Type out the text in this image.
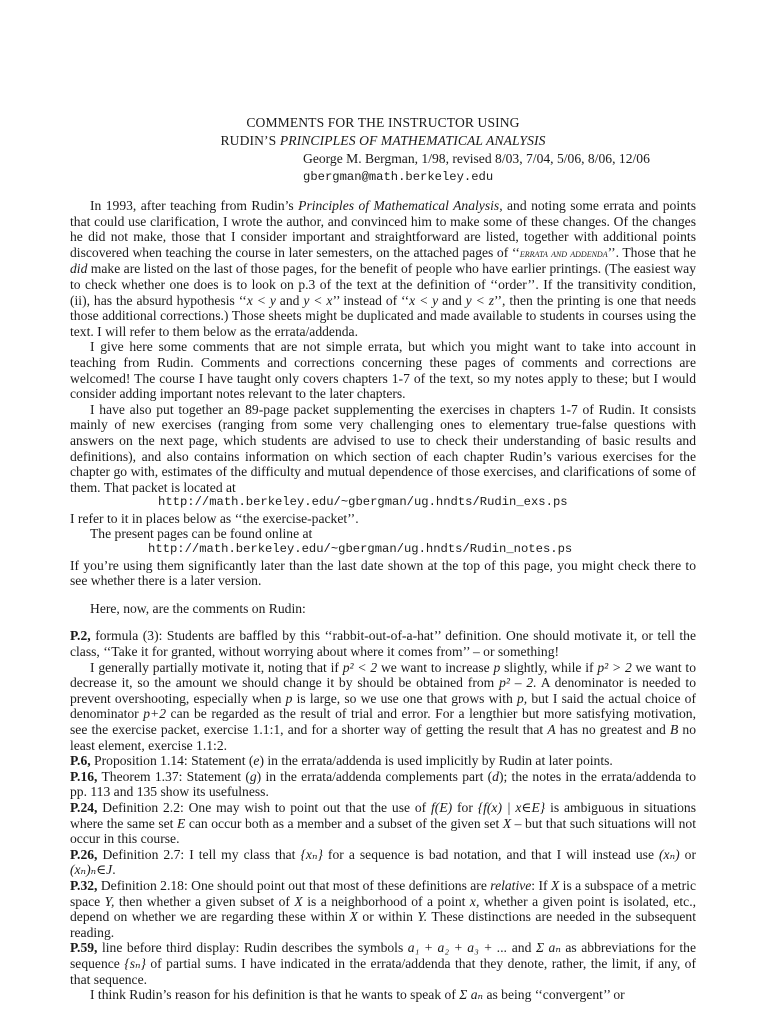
COMMENTS FOR THE INSTRUCTOR USING
RUDIN’S PRINCIPLES OF MATHEMATICAL ANALYSIS
George M. Bergman, 1/98, revised 8/03, 7/04, 5/06, 8/06, 12/06
gbergman@math.berkeley.edu

In 1993, after teaching from Rudin’s Principles of Mathematical Analysis, and noting some errata and points that could use clarification, I wrote the author, and convinced him to make some of these changes. Of the changes he did not make, those that I consider important and straightforward are listed, together with additional points discovered when teaching the course in later semesters, on the attached pages of ‘‘errata and addenda’’. Those that he did make are listed on the last of those pages, for the benefit of people who have earlier printings. (The easiest way to check whether one does is to look on p.3 of the text at the definition of ‘‘order’’. If the transitivity condition, (ii), has the absurd hypothesis ‘‘x < y and y < x’’ instead of ‘‘x < y and y < z’’, then the printing is one that needs those additional corrections.) Those sheets might be duplicated and made available to students in courses using the text. I will refer to them below as the errata/addenda.

I give here some comments that are not simple errata, but which you might want to take into account in teaching from Rudin. Comments and corrections concerning these pages of comments and corrections are welcomed! The course I have taught only covers chapters 1-7 of the text, so my notes apply to these; but I would consider adding important notes relevant to the later chapters.

I have also put together an 89-page packet supplementing the exercises in chapters 1-7 of Rudin. It consists mainly of new exercises (ranging from some very challenging ones to elementary true-false questions with answers on the next page, which students are advised to use to check their understanding of basic results and definitions), and also contains information on which section of each chapter Rudin’s various exercises for the chapter go with, estimates of the difficulty and mutual dependence of those exercises, and clarifications of some of them. That packet is located at

http://math.berkeley.edu/~gbergman/ug.hndts/Rudin_exs.ps

I refer to it in places below as ‘‘the exercise-packet’’.

The present pages can be found online at

http://math.berkeley.edu/~gbergman/ug.hndts/Rudin_notes.ps

If you’re using them significantly later than the last date shown at the top of this page, you might check there to see whether there is a later version.

Here, now, are the comments on Rudin:

P.2, formula (3): Students are baffled by this ‘‘rabbit-out-of-a-hat’’ definition. One should motivate it, or tell the class, ‘‘Take it for granted, without worrying about where it comes from’’ – or something!

I generally partially motivate it, noting that if p² < 2 we want to increase p slightly, while if p² > 2 we want to decrease it, so the amount we should change it by should be obtained from p² – 2. A denominator is needed to prevent overshooting, especially when p is large, so we use one that grows with p, but I said the actual choice of denominator p+2 can be regarded as the result of trial and error. For a lengthier but more satisfying motivation, see the exercise packet, exercise 1.1:1, and for a shorter way of getting the result that A has no greatest and B no least element, exercise 1.1:2.

P.6, Proposition 1.14: Statement (e) in the errata/addenda is used implicitly by Rudin at later points.

P.16, Theorem 1.37: Statement (g) in the errata/addenda complements part (d); the notes in the errata/addenda to pp. 113 and 135 show its usefulness.

P.24, Definition 2.2: One may wish to point out that the use of f(E) for {f(x) | x∈E} is ambiguous in situations where the same set E can occur both as a member and a subset of the given set X – but that such situations will not occur in this course.

P.26, Definition 2.7: I tell my class that {xₙ} for a sequence is bad notation, and that I will instead use (xₙ) or (xₙ)ₙ∈J.

P.32, Definition 2.18: One should point out that most of these definitions are relative: If X is a subspace of a metric space Y, then whether a given subset of X is a neighborhood of a point x, whether a given point is isolated, etc., depend on whether we are regarding these within X or within Y. These distinctions are needed in the subsequent reading.

P.59, line before third display: Rudin describes the symbols a₁ + a₂ + a₃ + ... and Σ aₙ as abbreviations for the sequence {sₙ} of partial sums. I have indicated in the errata/addenda that they denote, rather, the limit, if any, of that sequence.

I think Rudin’s reason for his definition is that he wants to speak of Σ aₙ as being ‘‘convergent’’ or
